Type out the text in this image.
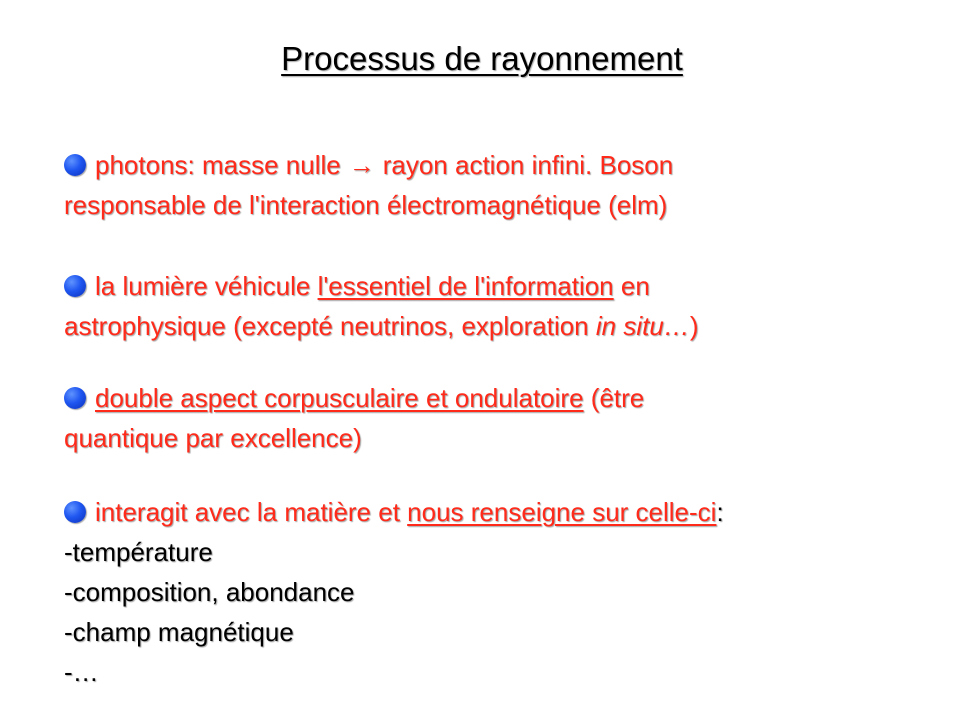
Processus de rayonnement
photons: masse nulle → rayon action infini. Boson
responsable de l'interaction électromagnétique (elm)
la lumière véhicule l'essentiel de l'information en
astrophysique (excepté neutrinos, exploration in situ…)
double aspect corpusculaire et ondulatoire (être
quantique par excellence)
interagit avec la matière et nous renseigne sur celle-ci:
-température
-composition, abondance
-champ magnétique
-…
